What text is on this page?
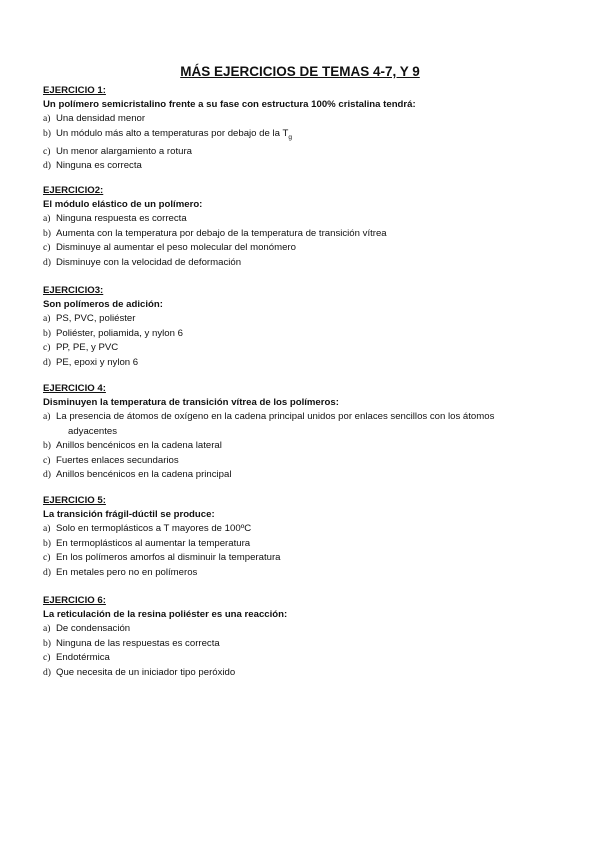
MÁS EJERCICIOS DE TEMAS 4-7, Y 9
EJERCICIO 1:
Un polímero semicristalino frente a su fase con estructura 100% cristalina tendrá:
a) Una densidad menor
b) Un módulo más alto a temperaturas por debajo de la $T_g$
c) Un menor alargamiento a rotura
d) Ninguna es correcta
EJERCICIO2:
El módulo elástico de un polímero:
a) Ninguna respuesta es correcta
b) Aumenta con la temperatura por debajo de la temperatura de transición vítrea
c) Disminuye al aumentar el peso molecular del monómero
d) Disminuye con la velocidad de deformación
EJERCICIO3:
Son polímeros de adición:
a) PS, PVC, poliéster
b) Poliéster, poliamida, y nylon 6
c) PP, PE, y PVC
d) PE, epoxi y nylon 6
EJERCICIO 4:
Disminuyen la temperatura de transición vítrea de los polímeros:
a) La presencia de átomos de oxígeno en la cadena principal unidos por enlaces sencillos con los átomos
adyacentes
b) Anillos bencénicos en la cadena lateral
c) Fuertes enlaces secundarios
d) Anillos bencénicos en la cadena principal
EJERCICIO 5:
La transición frágil-dúctil se produce:
a) Solo en termoplásticos a T mayores de 100ºC
b) En termoplásticos al aumentar la temperatura
c) En los polímeros amorfos al disminuir la temperatura
d) En metales pero no en polímeros
EJERCICIO 6:
La reticulación de la resina poliéster es una reacción:
a) De condensación
b) Ninguna de las respuestas es correcta
c) Endotérmica
d) Que necesita de un iniciador tipo peróxido
